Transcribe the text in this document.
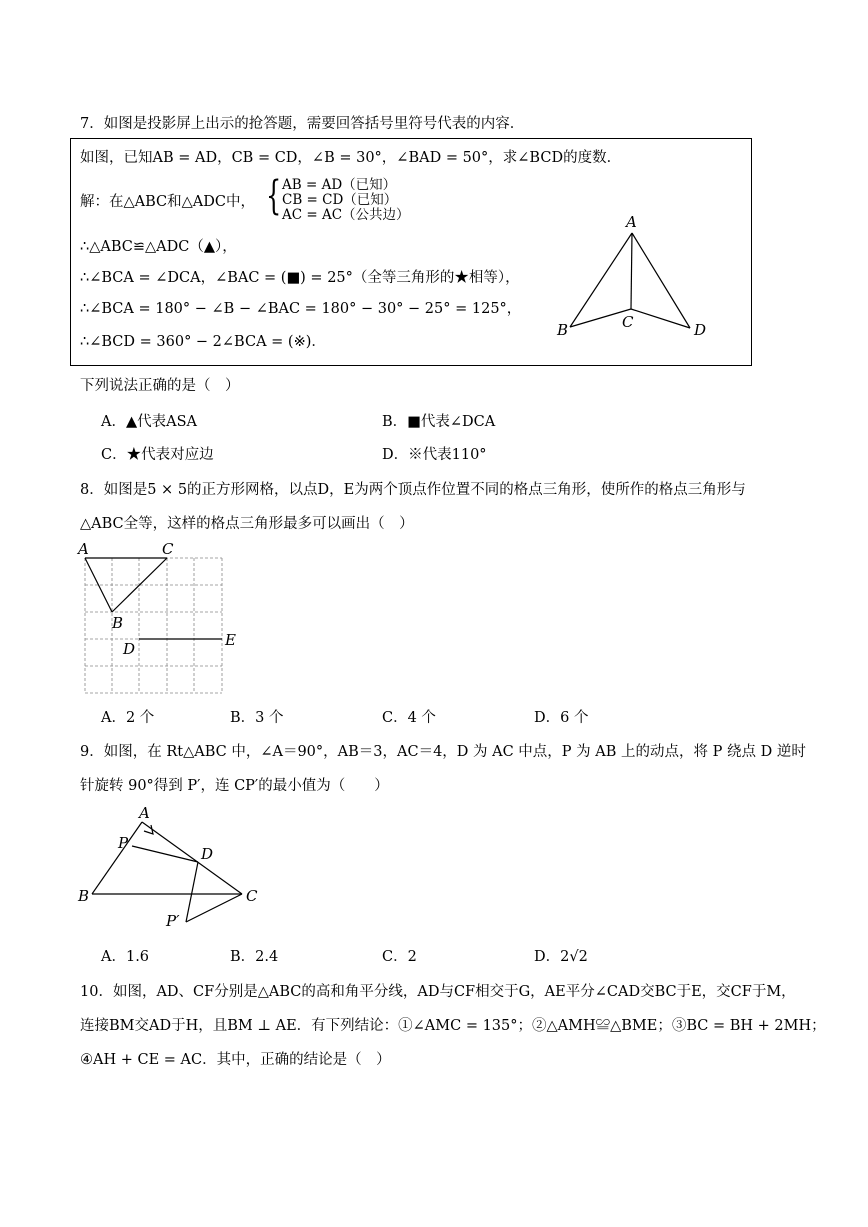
7．如图是投影屏上出示的抢答题，需要回答括号里符号代表的内容．
如图，已知AB = AD，CB = CD，∠B = 30°，∠BAD = 50°，求∠BCD的度数．
解：在△ABC和△ADC中， { AB = AD（已知）
CB = CD（已知）
AC = AC（公共边）
∴△ABC≌△ADC（▲），
∴∠BCA = ∠DCA，∠BAC = (■) = 25°（全等三角形的★相等），
∴∠BCA = 180° − ∠B − ∠BAC = 180° − 30° − 25° = 125°，
∴∠BCD = 360° − 2∠BCA = (※)．
A
B	C	D
下列说法正确的是（　）
A．▲代表ASA	B．■代表∠DCA
C．★代表对应边	D．※代表110°
8．如图是5 × 5的正方形网格，以点D，E为两个顶点作位置不同的格点三角形，使所作的格点三角形与
△ABC全等，这样的格点三角形最多可以画出（　）
A	C
B
D	E
A．2 个	B．3 个	C．4 个	D．6 个
9．如图，在 Rt△ABC 中，∠A＝90°，AB＝3，AC＝4，D 为 AC 中点，P 为 AB 上的动点，将 P 绕点 D 逆时
针旋转 90°得到 P′，连 CP′的最小值为（　　）
A
P
D
B	C
P′
A．1.6	B．2.4	C．2	D．2√2
10．如图，AD、CF分别是△ABC的高和角平分线，AD与CF相交于G，AE平分∠CAD交BC于E，交CF于M，
连接BM交AD于H，且BM ⊥ AE．有下列结论：①∠AMC = 135°；②△AMH≌△BME；③BC = BH + 2MH；
④AH + CE = AC．其中，正确的结论是（　）
